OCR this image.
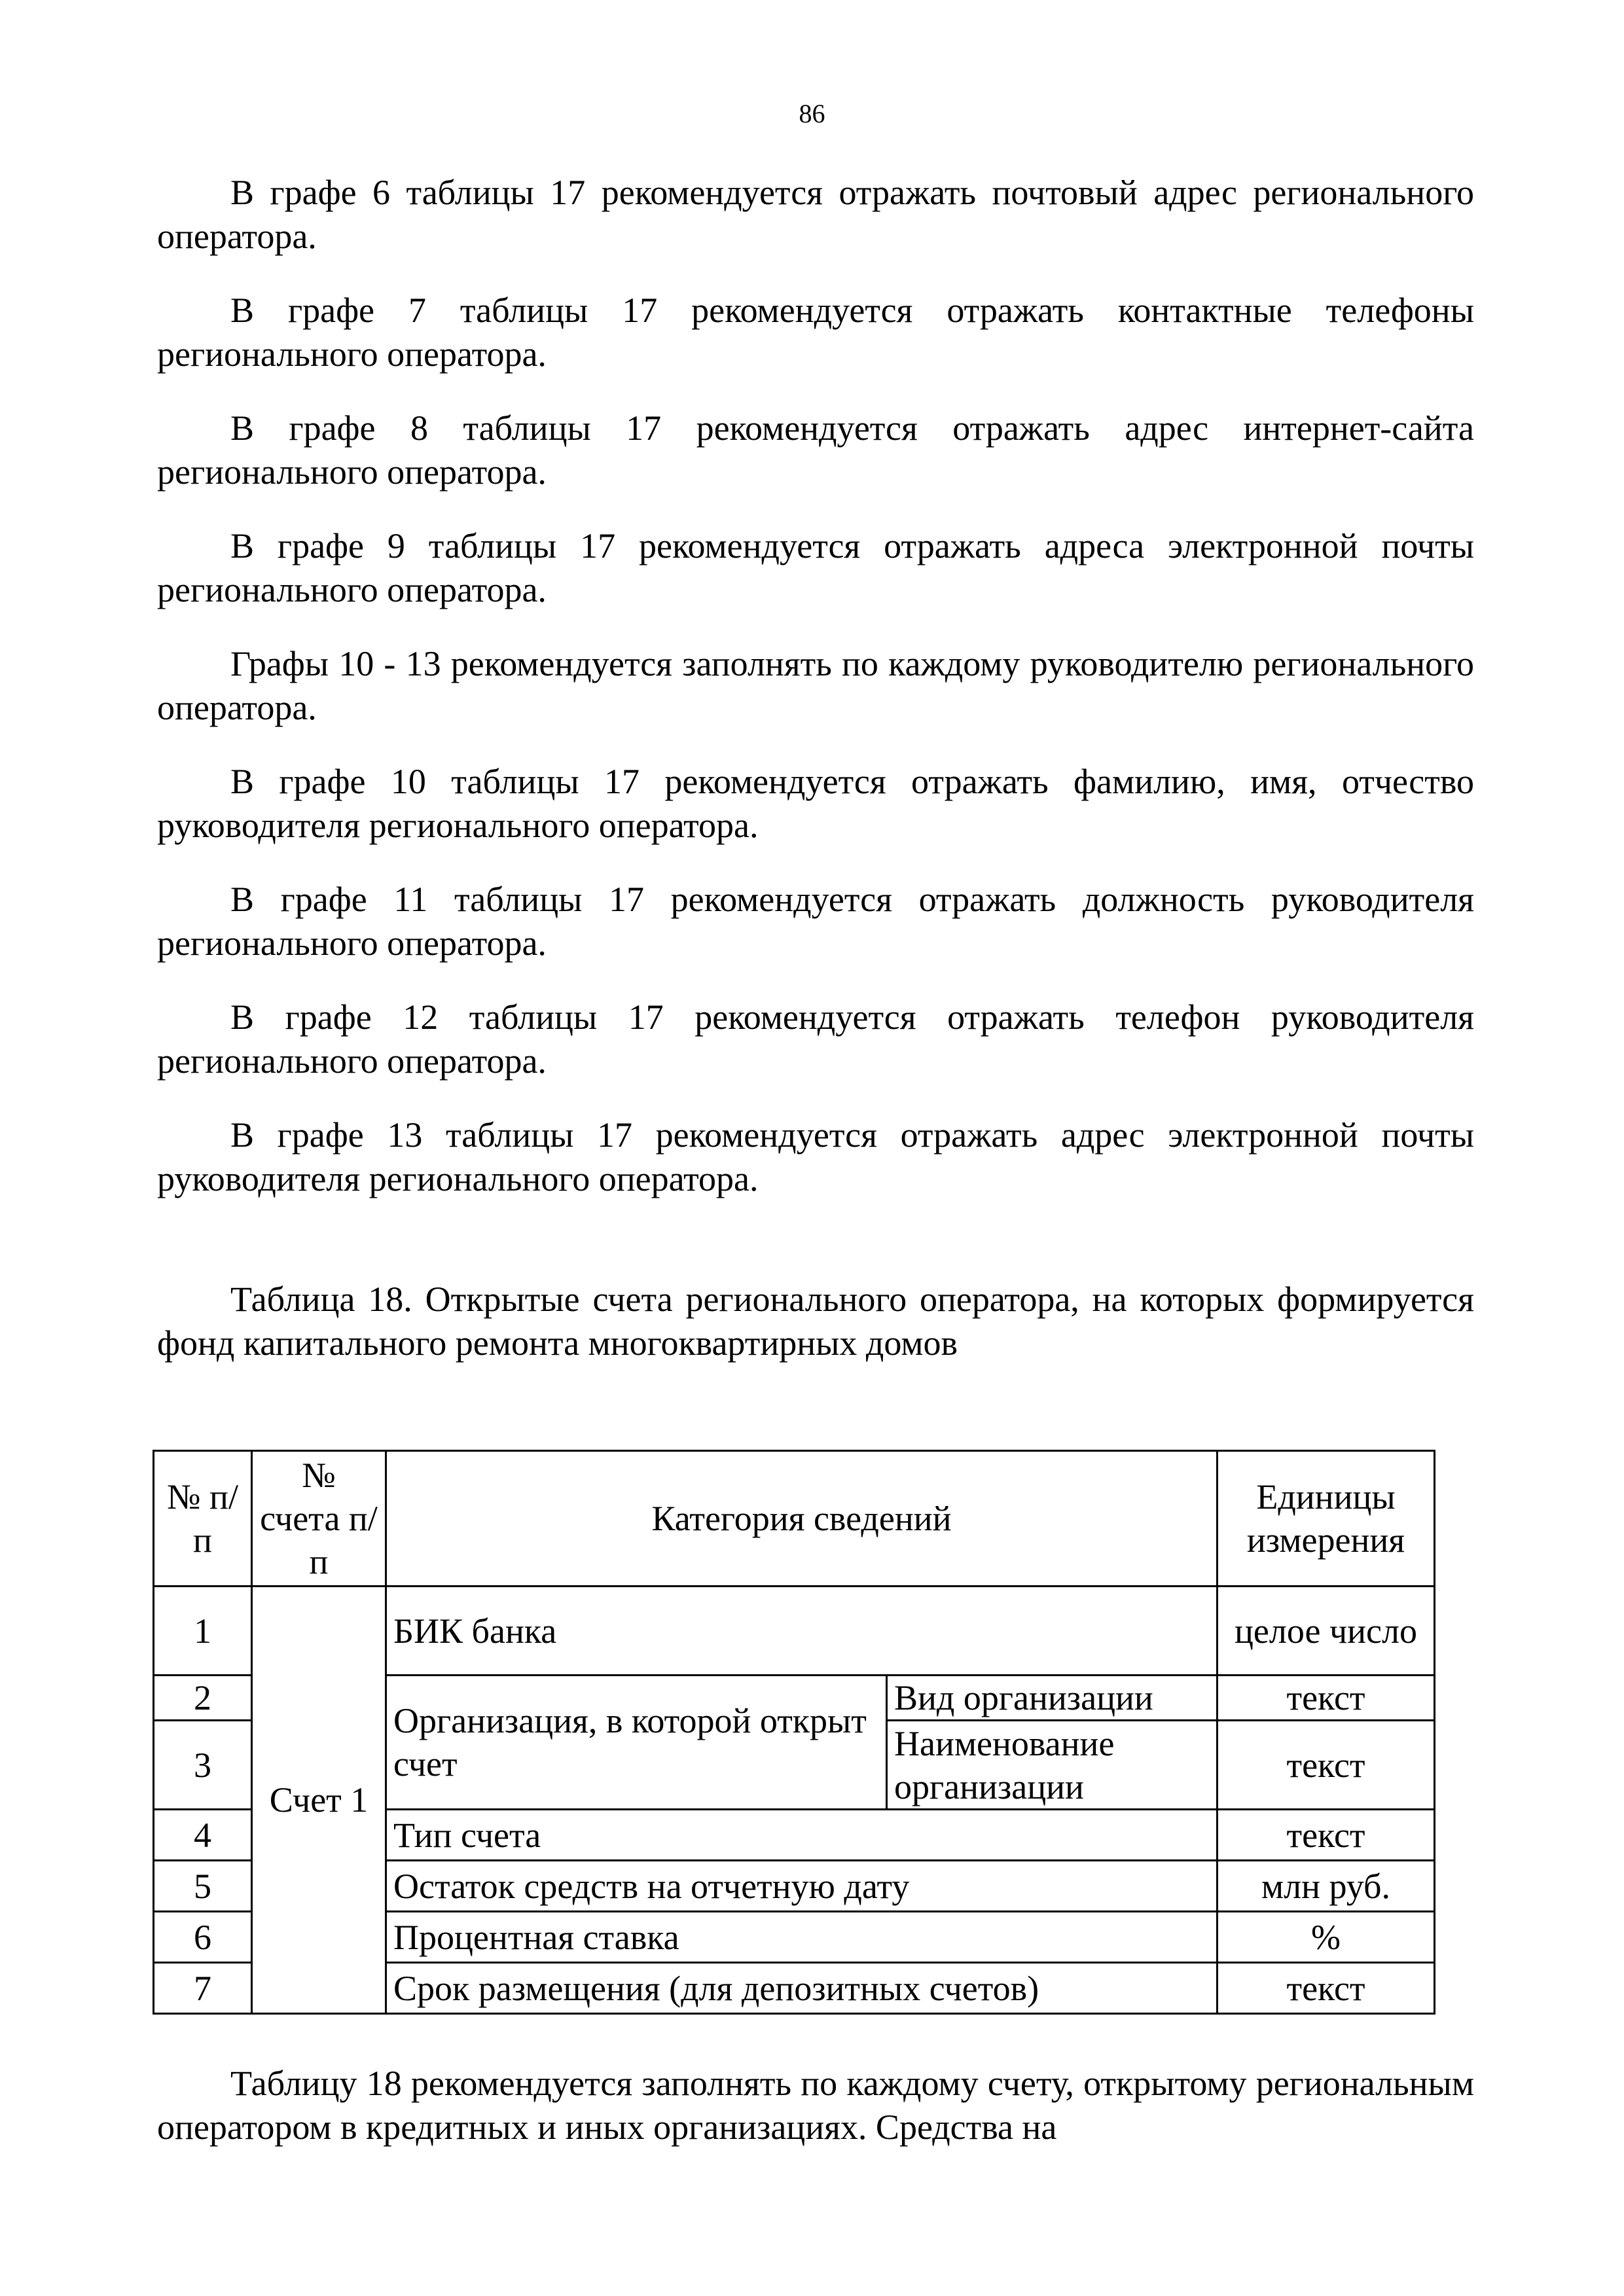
86

В графе 6 таблицы 17 рекомендуется отражать почтовый адрес регионального оператора.

В графе 7 таблицы 17 рекомендуется отражать контактные телефоны регионального оператора.

В графе 8 таблицы 17 рекомендуется отражать адрес интернет-сайта регионального оператора.

В графе 9 таблицы 17 рекомендуется отражать адреса электронной почты регионального оператора.

Графы 10 - 13 рекомендуется заполнять по каждому руководителю регионального оператора.

В графе 10 таблицы 17 рекомендуется отражать фамилию, имя, отчество руководителя регионального оператора.

В графе 11 таблицы 17 рекомендуется отражать должность руководителя регионального оператора.

В графе 12 таблицы 17 рекомендуется отражать телефон руководителя регионального оператора.

В графе 13 таблицы 17 рекомендуется отражать адрес электронной почты руководителя регионального оператора.

Таблица 18. Открытые счета регионального оператора, на которых формируется фонд капитального ремонта многоквартирных домов

№ п/п	№ счета п/п	Категория сведений		Единицы измерения
1	Счет 1	БИК банка		целое число
2		Организация, в которой открыт счет	Вид организации	текст
3			Наименование организации	текст
4		Тип счета		текст
5		Остаток средств на отчетную дату		млн руб.
6		Процентная ставка		%
7		Срок размещения (для депозитных счетов)		текст

Таблицу 18 рекомендуется заполнять по каждому счету, открытому региональным оператором в кредитных и иных организациях. Средства на
